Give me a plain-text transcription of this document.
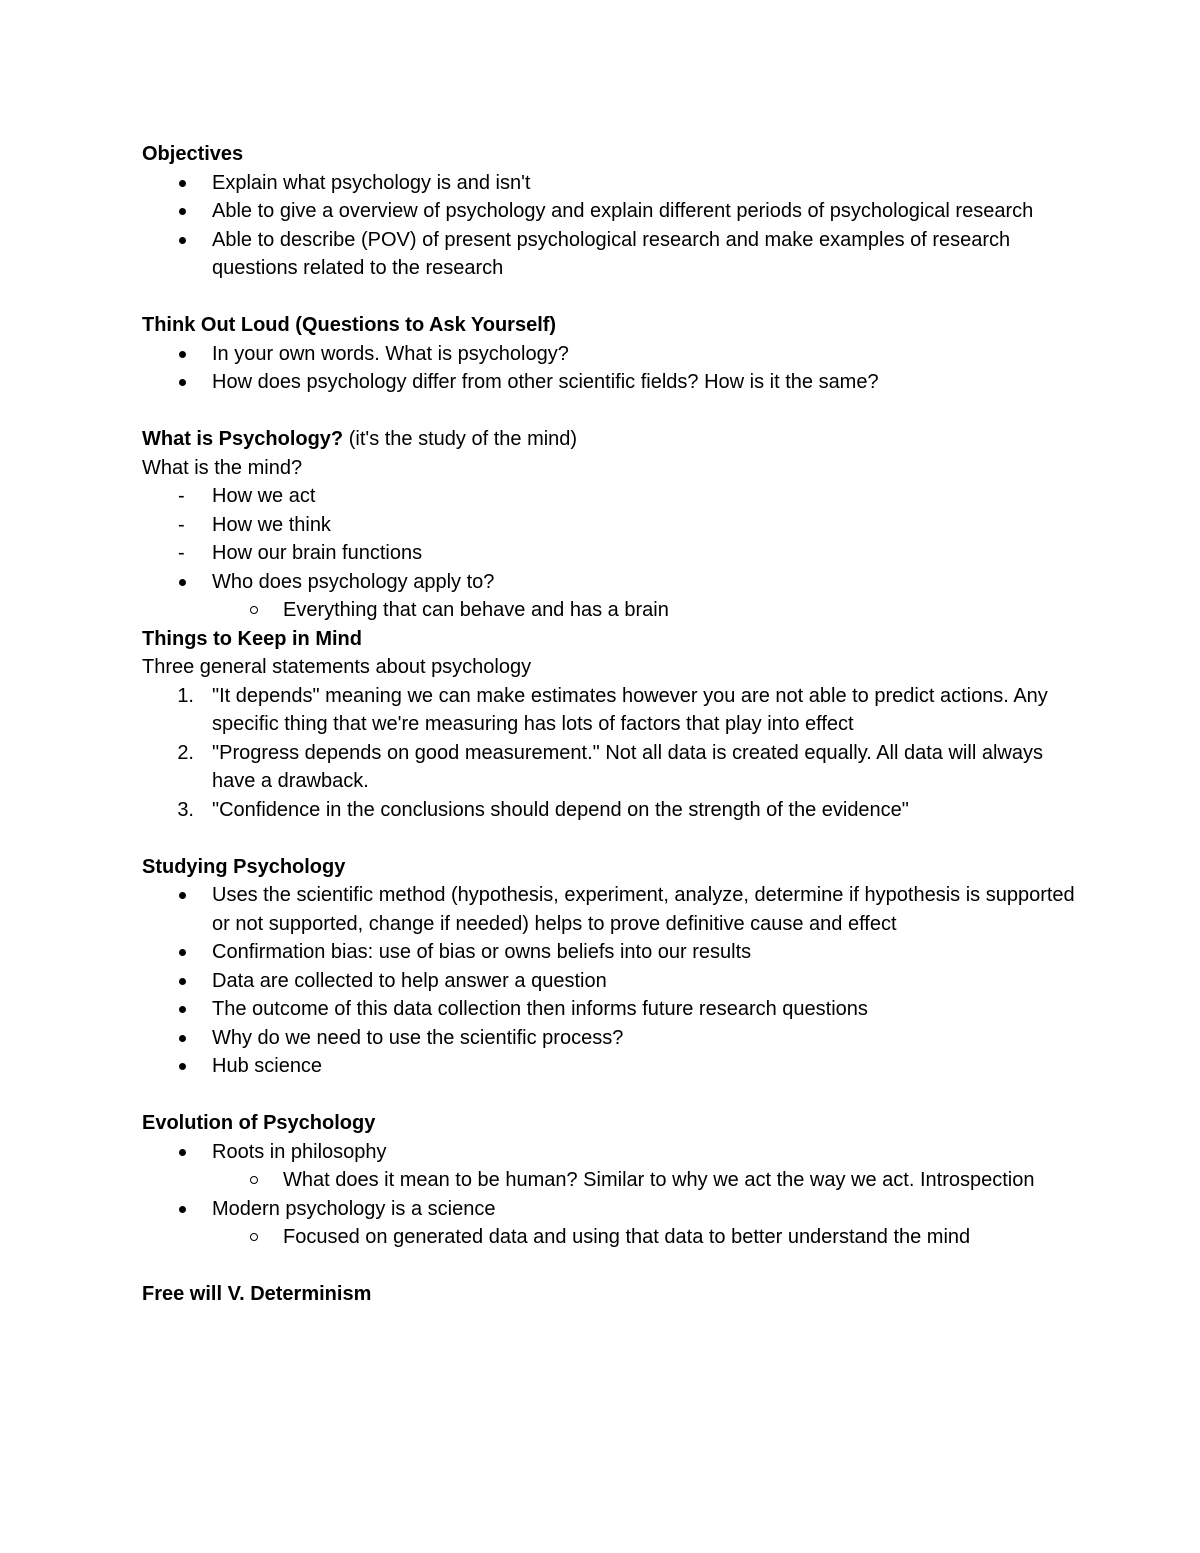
Objectives

Explain what psychology is and isn't
Able to give a overview of psychology and explain different periods of psychological research
Able to describe (POV) of present psychological research and make examples of research questions related to the research

Think Out Loud (Questions to Ask Yourself)

In your own words. What is psychology?
How does psychology differ from other scientific fields? How is it the same?

What is Psychology? (it's the study of the mind)

What is the mind?

- How we act
- How we think
- How our brain functions
Who does psychology apply to?
Everything that can behave and has a brain

Things to Keep in Mind

Three general statements about psychology

1. "It depends" meaning we can make estimates however you are not able to predict actions. Any specific thing that we're measuring has lots of factors that play into effect
2. "Progress depends on good measurement." Not all data is created equally. All data will always have a drawback.
3. "Confidence in the conclusions should depend on the strength of the evidence"

Studying Psychology

Uses the scientific method (hypothesis, experiment, analyze, determine if hypothesis is supported or not supported, change if needed) helps to prove definitive cause and effect
Confirmation bias: use of bias or owns beliefs into our results
Data are collected to help answer a question
The outcome of this data collection then informs future research questions
Why do we need to use the scientific process?
Hub science

Evolution of Psychology

Roots in philosophy
What does it mean to be human? Similar to why we act the way we act. Introspection
Modern psychology is a science
Focused on generated data and using that data to better understand the mind

Free will V. Determinism
